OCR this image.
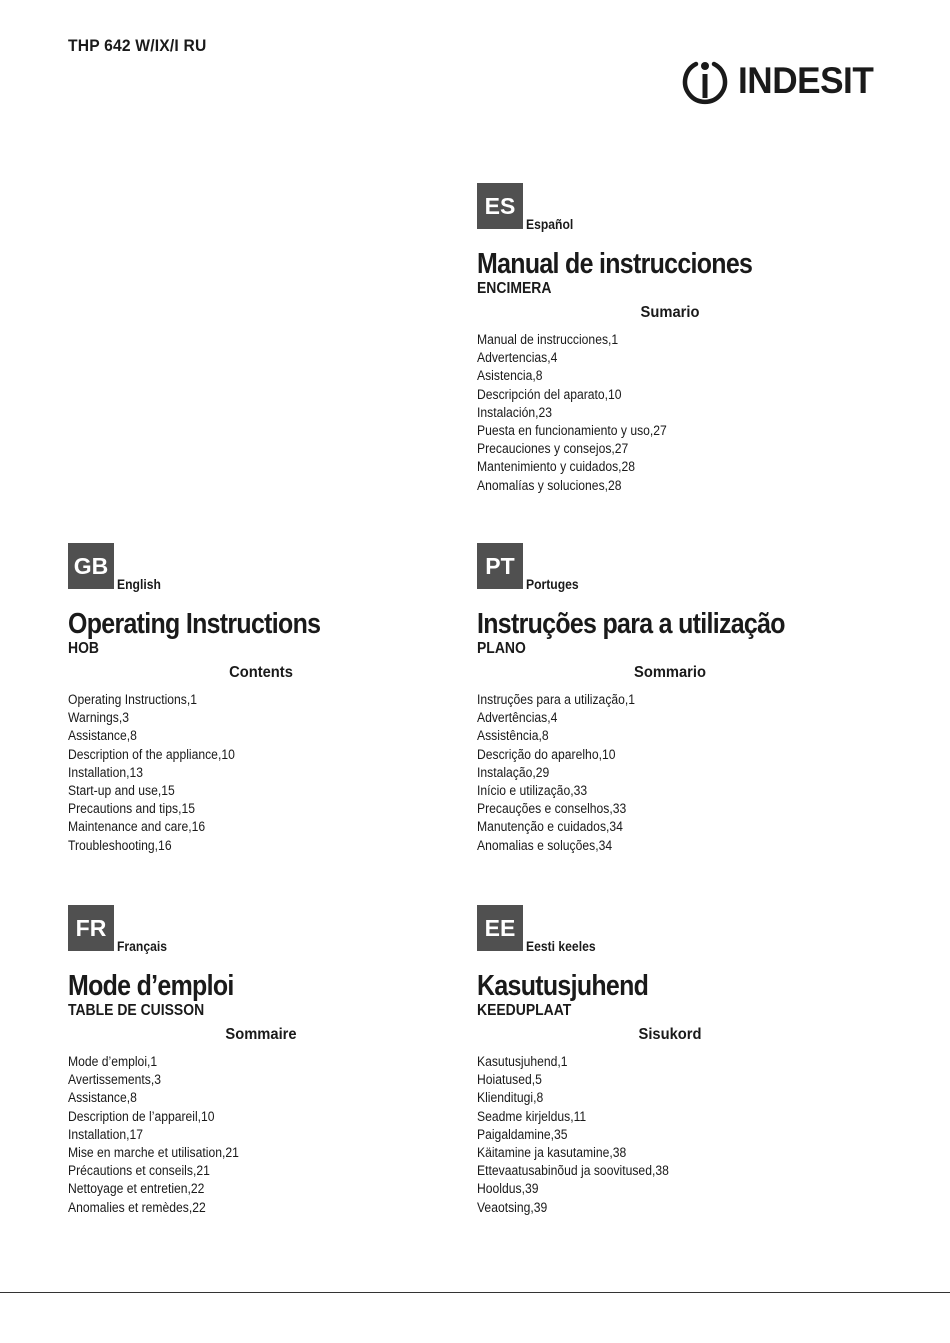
THP 642 W/IX/I RU
INDESIT
ES
Español
Manual de instrucciones
ENCIMERA
Sumario
Manual de instrucciones,1
Advertencias,4
Asistencia,8
Descripción del aparato,10
Instalación,23
Puesta en funcionamiento y uso,27
Precauciones y consejos,27
Mantenimiento y cuidados,28
Anomalías y soluciones,28
GB
English
Operating Instructions
HOB
Contents
Operating Instructions,1
Warnings,3
Assistance,8
Description of the appliance,10
Installation,13
Start-up and use,15
Precautions and tips,15
Maintenance and care,16
Troubleshooting,16
PT
Portuges
Instruções para a utilização
PLANO
Sommario
Instruções para a utilização,1
Advertências,4
Assistência,8
Descrição do aparelho,10
Instalação,29
Início e utilização,33
Precauções e conselhos,33
Manutenção e cuidados,34
Anomalias e soluções,34
FR
Français
Mode d’emploi
TABLE DE CUISSON
Sommaire
Mode d’emploi,1
Avertissements,3
Assistance,8
Description de l’appareil,10
Installation,17
Mise en marche et utilisation,21
Précautions et conseils,21
Nettoyage et entretien,22
Anomalies et remèdes,22
EE
Eesti keeles
Kasutusjuhend
KEEDUPLAAT
Sisukord
Kasutusjuhend,1
Hoiatused,5
Klienditugi,8
Seadme kirjeldus,11
Paigaldamine,35
Käitamine ja kasutamine,38
Ettevaatusabinõud ja soovitused,38
Hooldus,39
Veaotsing,39
